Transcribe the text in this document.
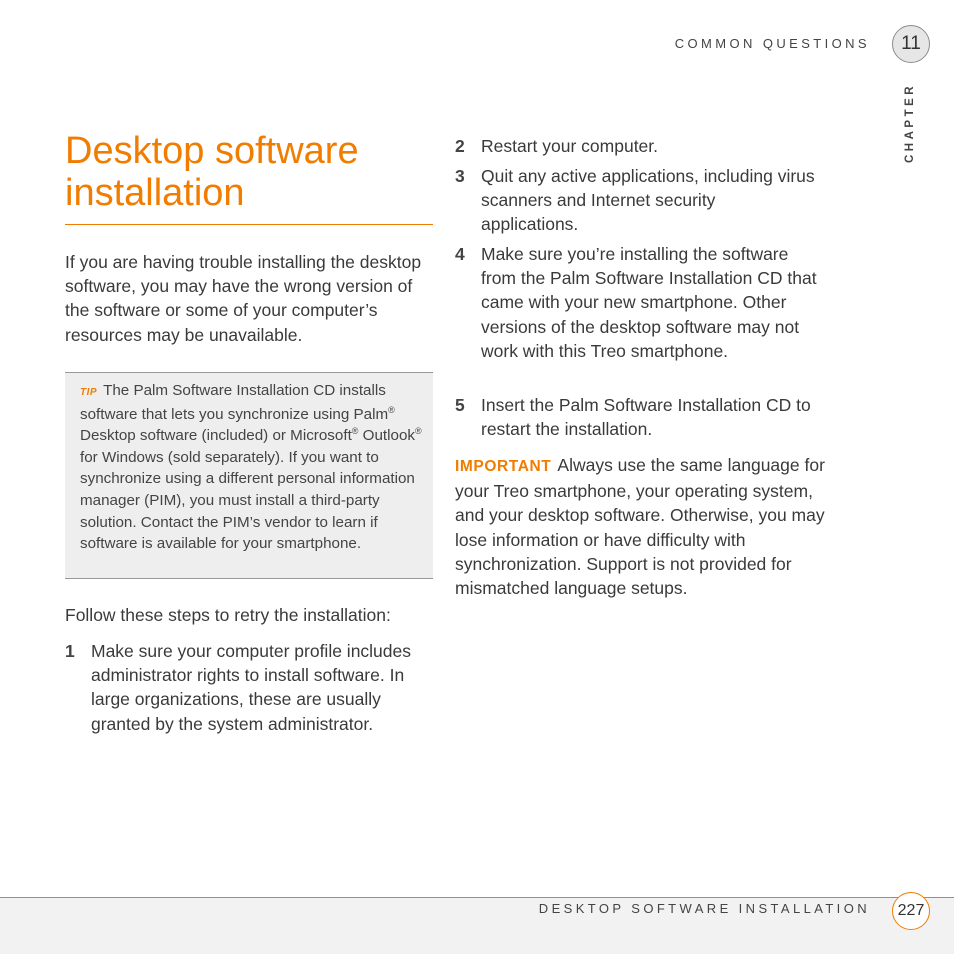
COMMON QUESTIONS	11
CHAPTER
Desktop software installation

If you are having trouble installing the desktop software, you may have the wrong version of the software or some of your computer’s resources may be unavailable.

TIP The Palm Software Installation CD installs software that lets you synchronize using Palm® Desktop software (included) or Microsoft® Outlook® for Windows (sold separately). If you want to synchronize using a different personal information manager (PIM), you must install a third-party solution. Contact the PIM’s vendor to learn if software is available for your smartphone.

Follow these steps to retry the installation:

1 Make sure your computer profile includes administrator rights to install software. In large organizations, these are usually granted by the system administrator.
2 Restart your computer.
3 Quit any active applications, including virus scanners and Internet security applications.
4 Make sure you’re installing the software from the Palm Software Installation CD that came with your new smartphone. Other versions of the desktop software may not work with this Treo smartphone.
5 Insert the Palm Software Installation CD to restart the installation.

IMPORTANT Always use the same language for your Treo smartphone, your operating system, and your desktop software. Otherwise, you may lose information or have difficulty with synchronization. Support is not provided for mismatched language setups.

DESKTOP SOFTWARE INSTALLATION	227
